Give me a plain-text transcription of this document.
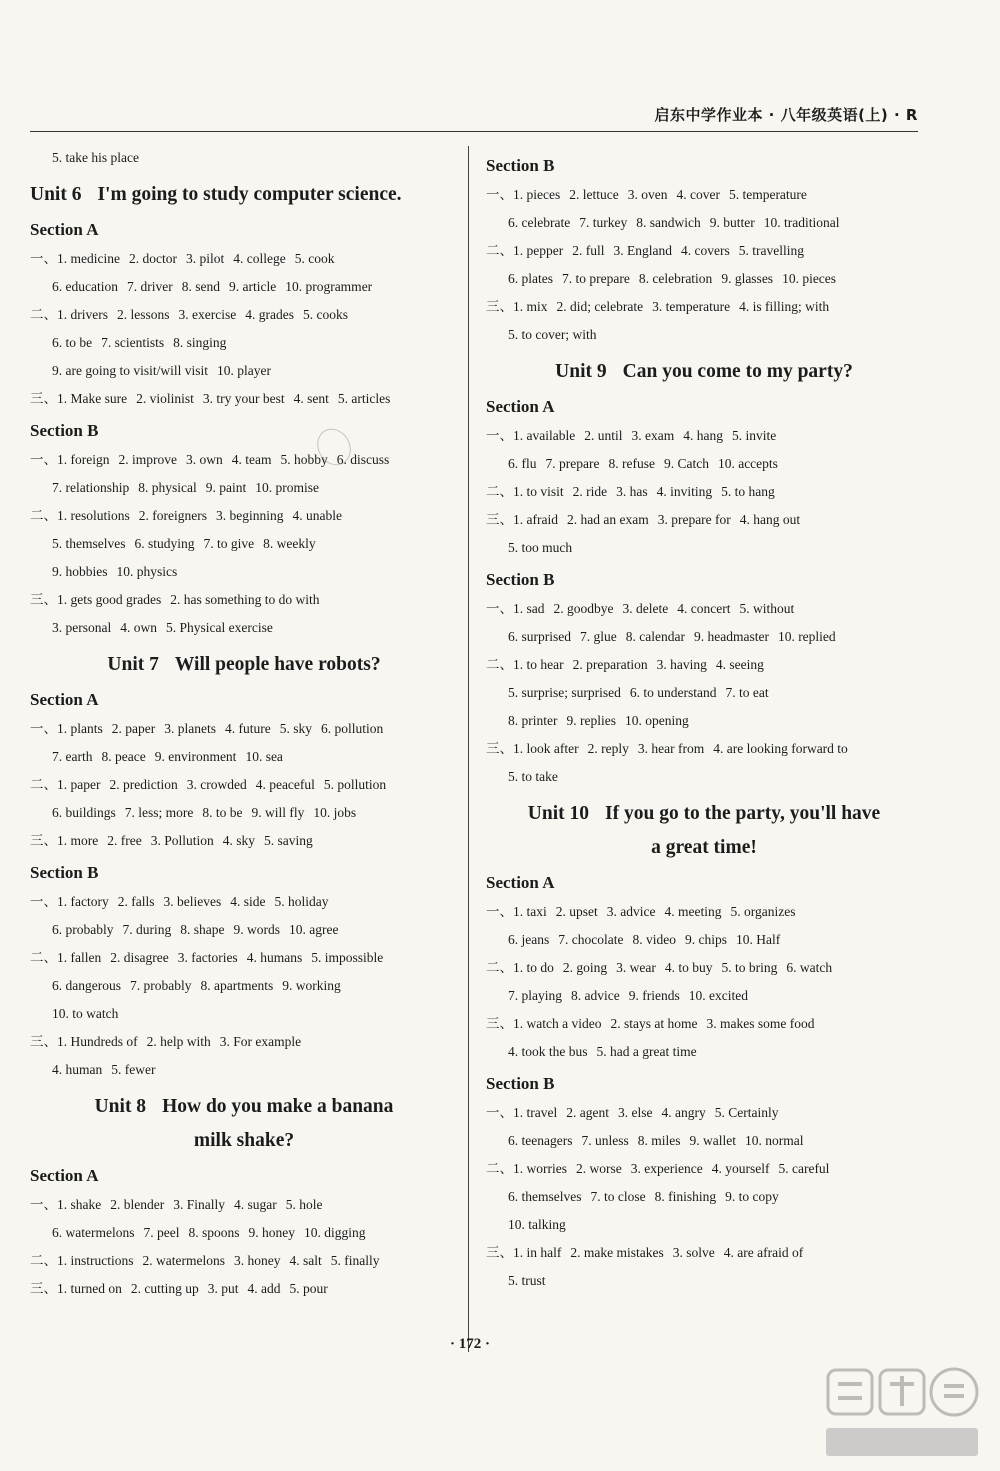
启东中学作业本 · 八年级英语(上) · R
5. take his place
Unit 6 I'm going to study computer science.
Section A
一、1. medicine 2. doctor 3. pilot 4. college 5. cook
6. education 7. driver 8. send 9. article 10. programmer
二、1. drivers 2. lessons 3. exercise 4. grades 5. cooks
6. to be 7. scientists 8. singing
9. are going to visit/will visit 10. player
三、1. Make sure 2. violinist 3. try your best 4. sent 5. articles
Section B
一、1. foreign 2. improve 3. own 4. team 5. hobby 6. discuss
7. relationship 8. physical 9. paint 10. promise
二、1. resolutions 2. foreigners 3. beginning 4. unable
5. themselves 6. studying 7. to give 8. weekly
9. hobbies 10. physics
三、1. gets good grades 2. has something to do with
3. personal 4. own 5. Physical exercise
Unit 7 Will people have robots?
Section A
一、1. plants 2. paper 3. planets 4. future 5. sky 6. pollution
7. earth 8. peace 9. environment 10. sea
二、1. paper 2. prediction 3. crowded 4. peaceful 5. pollution
6. buildings 7. less; more 8. to be 9. will fly 10. jobs
三、1. more 2. free 3. Pollution 4. sky 5. saving
Section B
一、1. factory 2. falls 3. believes 4. side 5. holiday
6. probably 7. during 8. shape 9. words 10. agree
二、1. fallen 2. disagree 3. factories 4. humans 5. impossible
6. dangerous 7. probably 8. apartments 9. working
10. to watch
三、1. Hundreds of 2. help with 3. For example
4. human 5. fewer
Unit 8 How do you make a banana
milk shake?
Section A
一、1. shake 2. blender 3. Finally 4. sugar 5. hole
6. watermelons 7. peel 8. spoons 9. honey 10. digging
二、1. instructions 2. watermelons 3. honey 4. salt 5. finally
三、1. turned on 2. cutting up 3. put 4. add 5. pour
Section B
一、1. pieces 2. lettuce 3. oven 4. cover 5. temperature
6. celebrate 7. turkey 8. sandwich 9. butter 10. traditional
二、1. pepper 2. full 3. England 4. covers 5. travelling
6. plates 7. to prepare 8. celebration 9. glasses 10. pieces
三、1. mix 2. did; celebrate 3. temperature 4. is filling; with
5. to cover; with
Unit 9 Can you come to my party?
Section A
一、1. available 2. until 3. exam 4. hang 5. invite
6. flu 7. prepare 8. refuse 9. Catch 10. accepts
二、1. to visit 2. ride 3. has 4. inviting 5. to hang
三、1. afraid 2. had an exam 3. prepare for 4. hang out
5. too much
Section B
一、1. sad 2. goodbye 3. delete 4. concert 5. without
6. surprised 7. glue 8. calendar 9. headmaster 10. replied
二、1. to hear 2. preparation 3. having 4. seeing
5. surprise; surprised 6. to understand 7. to eat
8. printer 9. replies 10. opening
三、1. look after 2. reply 3. hear from 4. are looking forward to
5. to take
Unit 10 If you go to the party, you'll have
a great time!
Section A
一、1. taxi 2. upset 3. advice 4. meeting 5. organizes
6. jeans 7. chocolate 8. video 9. chips 10. Half
二、1. to do 2. going 3. wear 4. to buy 5. to bring 6. watch
7. playing 8. advice 9. friends 10. excited
三、1. watch a video 2. stays at home 3. makes some food
4. took the bus 5. had a great time
Section B
一、1. travel 2. agent 3. else 4. angry 5. Certainly
6. teenagers 7. unless 8. miles 9. wallet 10. normal
二、1. worries 2. worse 3. experience 4. yourself 5. careful
6. themselves 7. to close 8. finishing 9. to copy
10. talking
三、1. in half 2. make mistakes 3. solve 4. are afraid of
5. trust
· 172 ·
